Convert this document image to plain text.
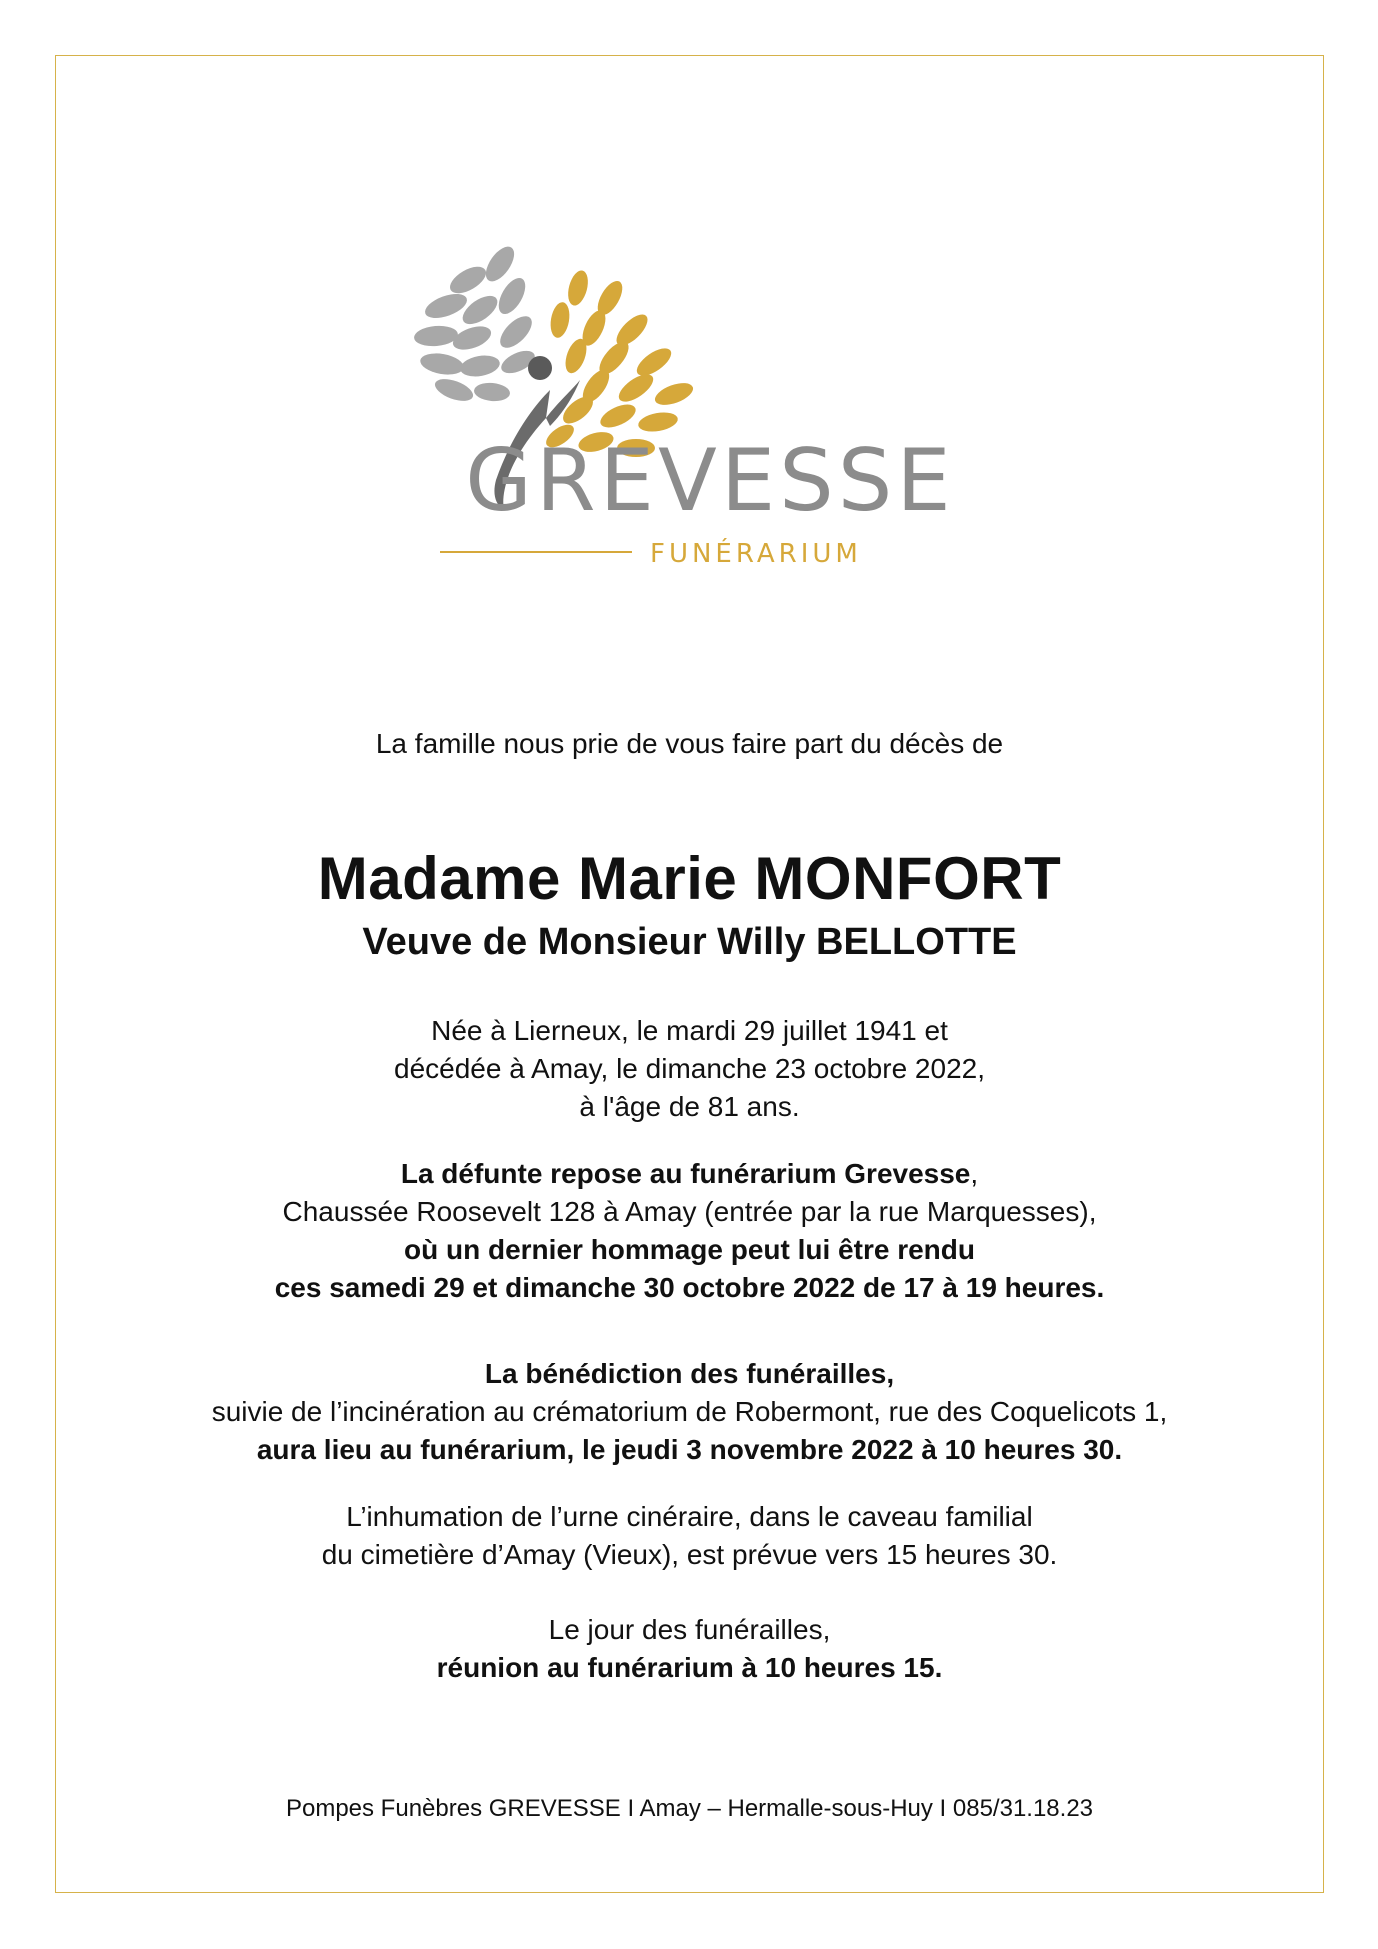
GREVESSE
FUNÉRARIUM
La famille nous prie de vous faire part du décès de
Madame Marie MONFORT
Veuve de Monsieur Willy BELLOTTE
Née à Lierneux, le mardi 29 juillet 1941 et
décédée à Amay, le dimanche 23 octobre 2022,
à l'âge de 81 ans.
La défunte repose au funérarium Grevesse,
Chaussée Roosevelt 128 à Amay (entrée par la rue Marquesses),
où un dernier hommage peut lui être rendu
ces samedi 29 et dimanche 30 octobre 2022 de 17 à 19 heures.
La bénédiction des funérailles,
suivie de l’incinération au crématorium de Robermont, rue des Coquelicots 1,
aura lieu au funérarium, le jeudi 3 novembre 2022 à 10 heures 30.
L’inhumation de l’urne cinéraire, dans le caveau familial
du cimetière d’Amay (Vieux), est prévue vers 15 heures 30.
Le jour des funérailles,
réunion au funérarium à 10 heures 15.
Pompes Funèbres GREVESSE I Amay – Hermalle-sous-Huy I 085/31.18.23
